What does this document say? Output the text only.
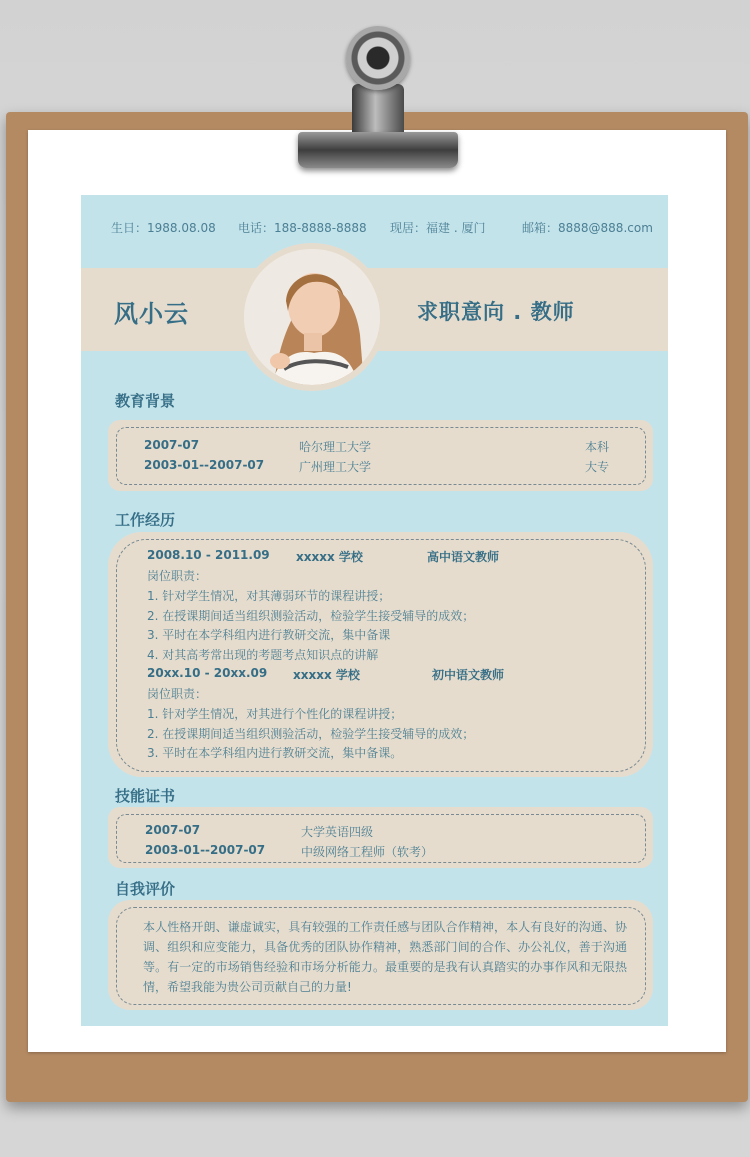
生日：1988.08.08 电话：188-8888-8888 现居：福建 . 厦门	邮箱：8888@888.com
风小云	求职意向 . 教师
教育背景
2007-07	哈尔理工大学	本科
2003-01--2007-07	广州理工大学	大专
工作经历
2008.10 - 2011.09 xxxxx 学校	高中语文教师
岗位职责：
1. 针对学生情况，对其薄弱环节的课程讲授；
2. 在授课期间适当组织测验活动，检验学生接受辅导的成效；
3. 平时在本学科组内进行教研交流，集中备课
4. 对其高考常出现的考题考点知识点的讲解
20xx.10 - 20xx.09 xxxxx 学校	初中语文教师
岗位职责：
1. 针对学生情况，对其进行个性化的课程讲授；
2. 在授课期间适当组织测验活动，检验学生接受辅导的成效；
3. 平时在本学科组内进行教研交流，集中备课。
技能证书
2007-07	大学英语四级
2003-01--2007-07	中级网络工程师（软考）
自我评价
本人性格开朗、谦虚诚实，具有较强的工作责任感与团队合作精神，本人有良好的沟通、协调、组织和应变能力，具备优秀的团队协作精神，熟悉部门间的合作、办公礼仪，善于沟通等。有一定的市场销售经验和市场分析能力。最重要的是我有认真踏实的办事作风和无限热情，希望我能为贵公司贡献自己的力量!
